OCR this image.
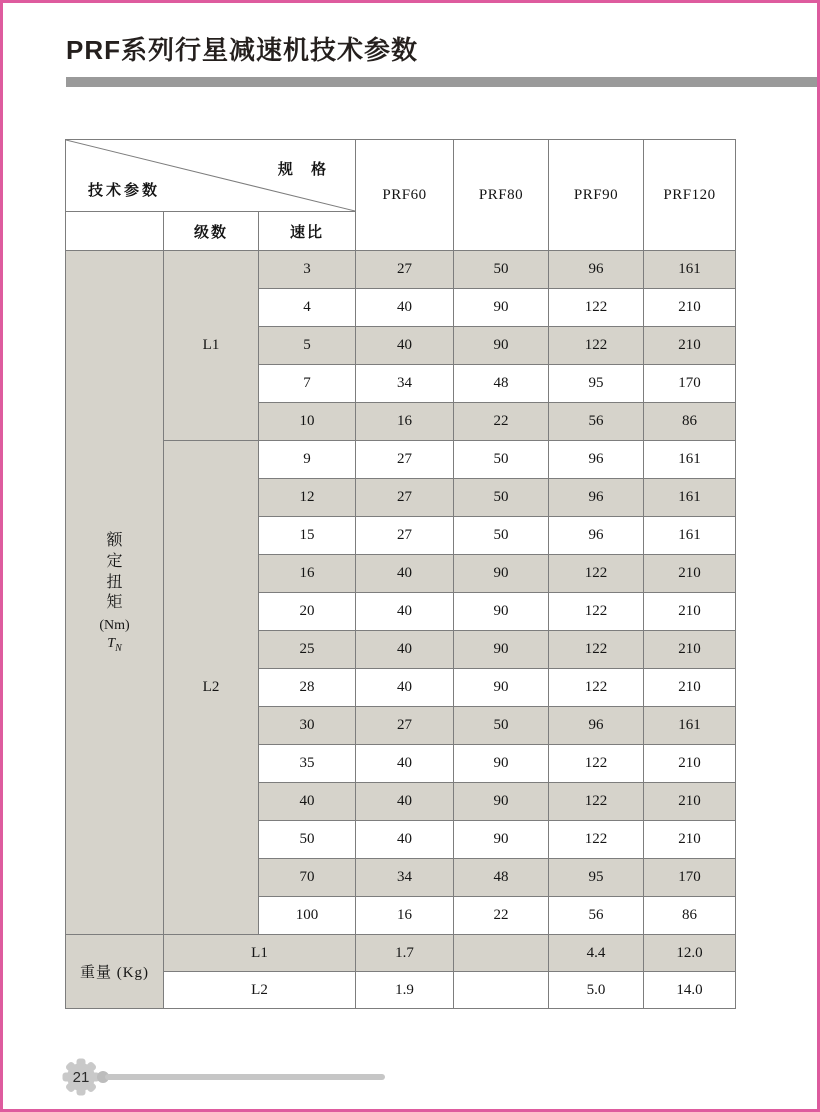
PRF系列行星减速机技术参数
规 格
技术参数			PRF60	PRF80	PRF90	PRF120
	级数	速比				

额定扭矩
(Nm)
$T_N$	L1	3	27	50	96	161
		4	40	90	122	210
		5	40	90	122	210
		7	34	48	95	170
		10	16	22	56	86
	L2	9	27	50	96	161
		12	27	50	96	161
		15	27	50	96	161
		16	40	90	122	210
		20	40	90	122	210
		25	40	90	122	210
		28	40	90	122	210
		30	27	50	96	161
		35	40	90	122	210
		40	40	90	122	210
		50	40	90	122	210
		70	34	48	95	170
		100	16	22	56	86
重量 (Kg)	L1		1.7		4.4	12.0
	L2		1.9		5.0	14.0
21
